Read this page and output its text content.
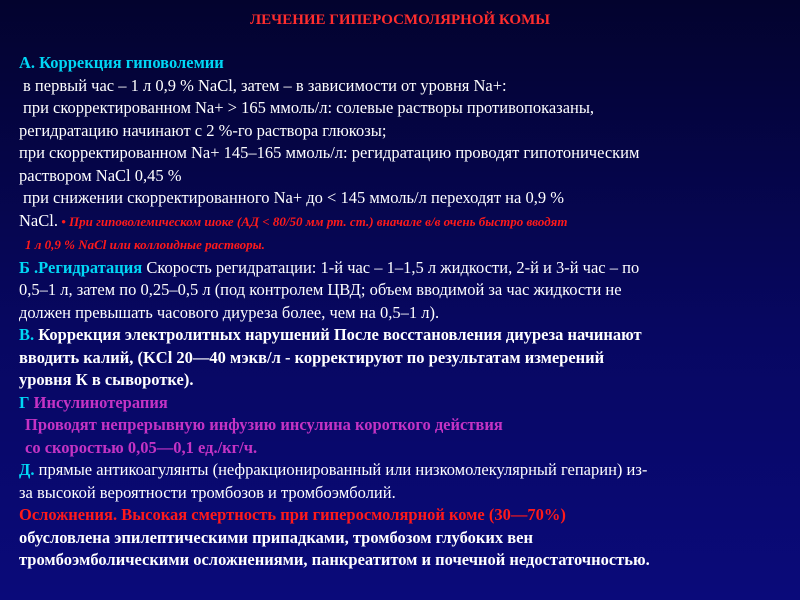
ЛЕЧЕНИЕ ГИПЕРОСМОЛЯРНОЙ КОМЫ
А. Коррекция гиповолемии
в первый час – 1 л 0,9 % NaCl, затем – в зависимости от уровня Na+:
при скорректированном Na+ > 165 ммоль/л: солевые растворы противопоказаны,
регидратацию начинают с 2 %-го раствора глюкозы;
при скорректированном Na+ 145–165 ммоль/л: регидратацию проводят гипотоническим
раствором NaCl 0,45 %
при снижении скорректированного Na+ до < 145 ммоль/л переходят на 0,9 %
NaCl. • При гиповолемическом шоке (АД < 80/50 мм рт. ст.) вначале в/в очень быстро вводят
1 л 0,9 % NaCl или коллоидные растворы.
Б .Регидратация Скорость регидратации: 1-й час – 1–1,5 л жидкости, 2-й и 3-й час – по
0,5–1 л, затем по 0,25–0,5 л (под контролем ЦВД; объем вводимой за час жидкости не
должен превышать часового диуреза более, чем на 0,5–1 л).
В. Коррекция электролитных нарушений После восстановления диуреза начинают
вводить калий, (KCl 20—40 мэкв/л - корректируют по результатам измерений
уровня К в сыворотке).
Г Инсулинотерапия
Проводят непрерывную инфузию инсулина короткого действия
со скоростью 0,05—0,1 ед./кг/ч.
Д. прямые антикоагулянты (нефракционированный или низкомолекулярный гепарин) из-
за высокой вероятности тромбозов и тромбоэмболий.
Осложнения. Высокая смертность при гиперосмолярной коме (30—70%)
обусловлена эпилептическими припадками, тромбозом глубоких вен
тромбоэмболическими осложнениями, панкреатитом и почечной недостаточностью.
